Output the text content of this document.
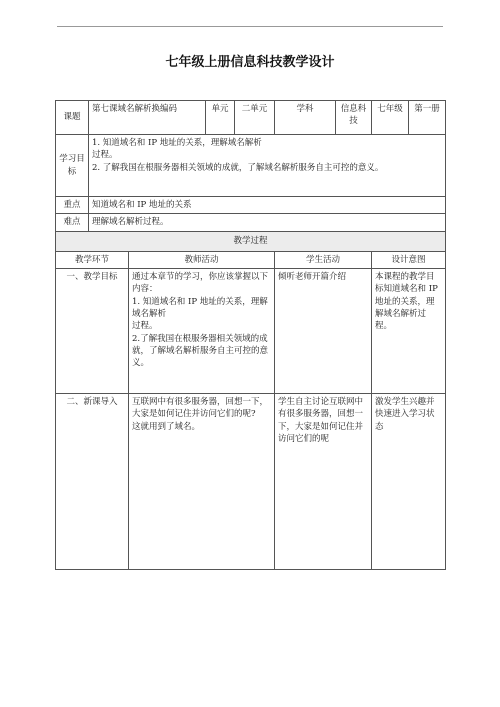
七年级上册信息科技教学设计
课题	第七课域名解析换编码		单元	二单元	学科	信息科技	七年级	第一册
学习目标	1. 知道域名和 IP 地址的关系，理解域名解析
过程。
2. 了解我国在根服务器相关领域的成就，了解域名解析服务自主可控的意义。							

重点	知道域名和 IP 地址的关系							
难点	理解域名解析过程。							
教学过程								
教学环节		教师活动			学生活动		设计意图	
一、教学目标		通过本章节的学习，你应该掌握以下内容：
1. 知道域名和 IP 地址的关系，理解域名解析
过程。
2.了解我国在根服务器相关领域的成就，了解域名解析服务自主可控的意义。			倾听老师开篇介绍		本课程的教学目标知道域名和 IP 地址的关系，理解域名解析过程。	
二、新课导入		互联网中有很多服务器，回想一下，大家是如何记住并访问它们的呢?
这就用到了域名。			学生自主讨论互联网中有很多服务器，回想一下，大家是如何记住并访问它们的呢		激发学生兴趣并快速进入学习状态	
